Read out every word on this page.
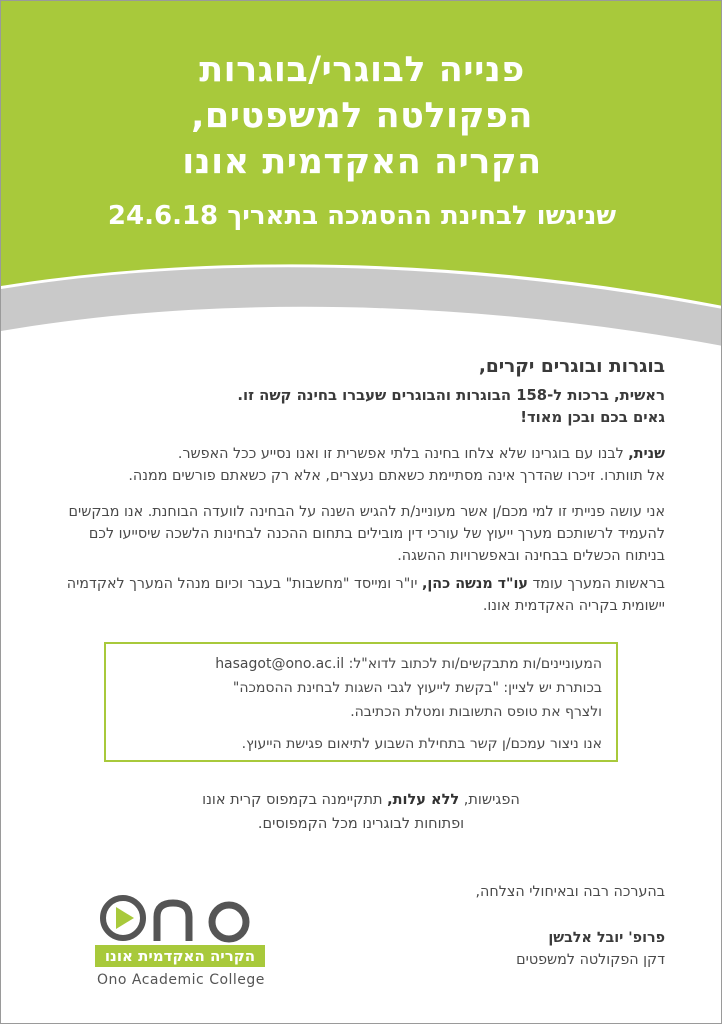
פנייה לבוגרי/בוגרות
הפקולטה למשפטים,
הקריה האקדמית אונו
שניגשו לבחינת ההסמכה בתאריך 24.6.18
בוגרות ובוגרים יקרים,
ראשית, ברכות ל-158 הבוגרות והבוגרים שעברו בחינה קשה זו.
גאים בכם ובכן מאוד!
שנית, לבנו עם בוגרינו שלא צלחו בחינה בלתי אפשרית זו ואנו נסייע ככל האפשר.
אל תוותרו. זיכרו שהדרך אינה מסתיימת כשאתם נעצרים, אלא רק כשאתם פורשים ממנה.
אני עושה פנייתי זו למי מכם/ן אשר מעוניינ/ת להגיש השנה על הבחינה לוועדה הבוחנת. אנו מבקשים להעמיד לרשותכם מערך ייעוץ של עורכי דין מובילים בתחום ההכנה לבחינות הלשכה שיסייעו לכם בניתוח הכשלים בבחינה ובאפשרויות ההשגה.
בראשות המערך עומד עו"ד מנשה כהן, יו"ר ומייסד "מחשבות" בעבר וכיום מנהל המערך לאקדמיה יישומית בקריה האקדמית אונו.
המעוניינים/ות מתבקשים/ות לכתוב לדוא"ל: hasagot@ono.ac.il
בכותרת יש לציין: "בקשת לייעוץ לגבי השגות לבחינת ההסמכה"
ולצרף את טופס התשובות ומטלת הכתיבה.
אנו ניצור עמכם/ן קשר בתחילת השבוע לתיאום פגישת הייעוץ.
הפגישות, ללא עלות, תתקיימנה בקמפוס קרית אונו
ופתוחות לבוגרינו מכל הקמפוסים.
בהערכה רבה ובאיחולי הצלחה,
פרופ' יובל אלבשן
דקן הפקולטה למשפטים
הקריה האקדמית אונו
Ono Academic College
